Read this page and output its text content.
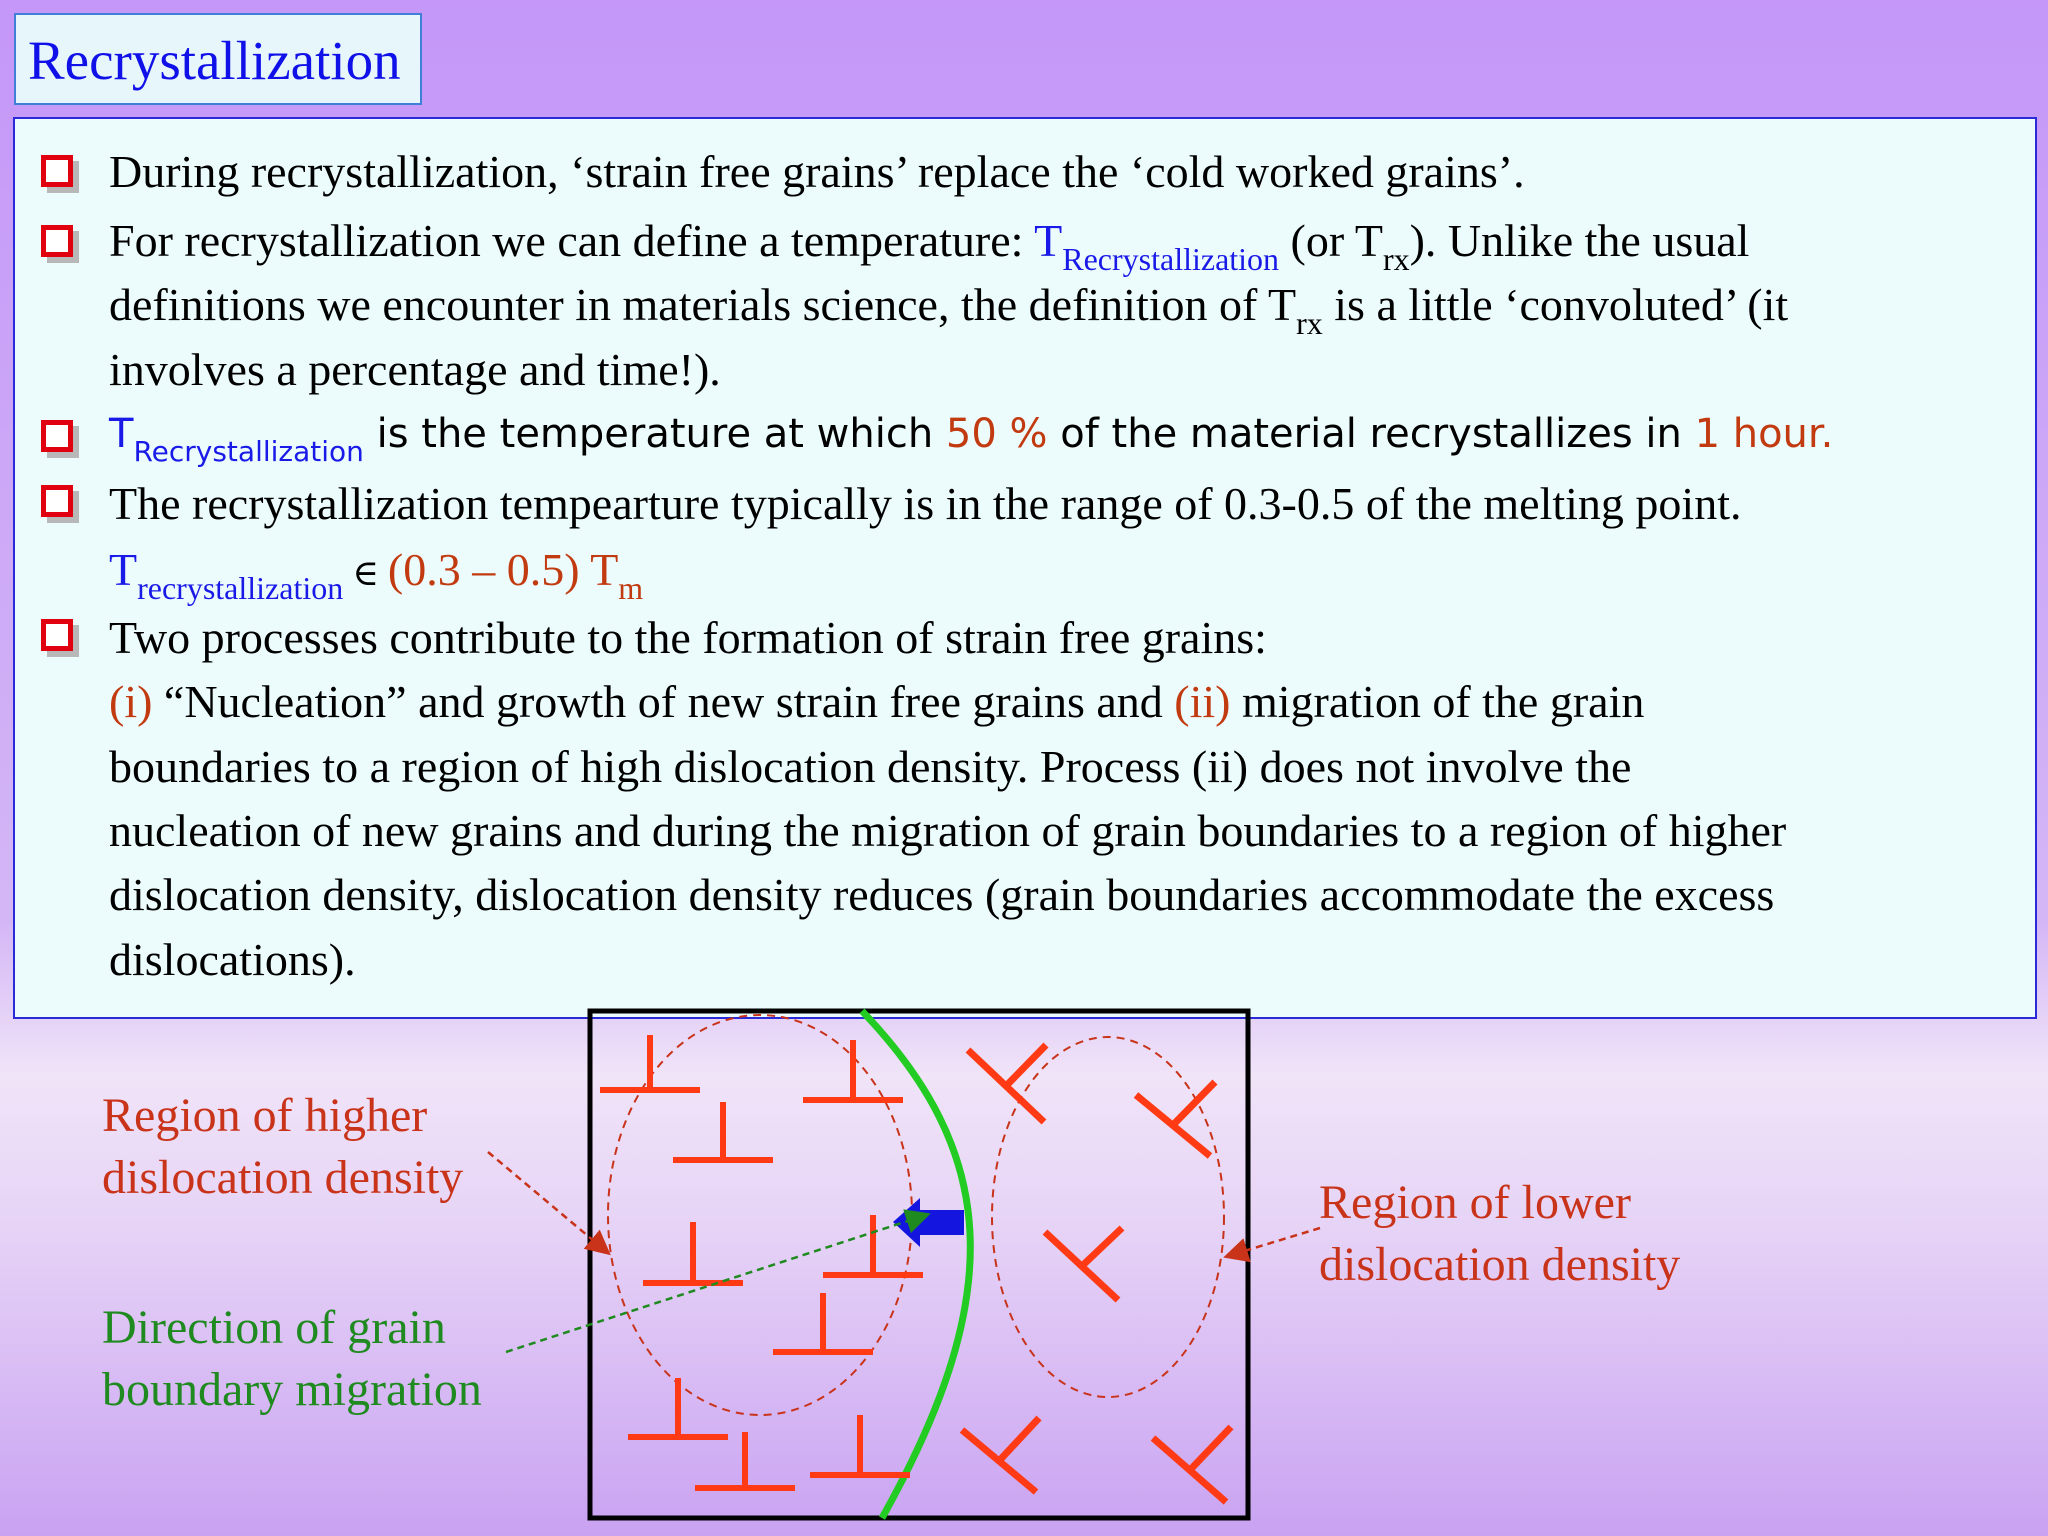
Recrystallization
During recrystallization, ‘strain free grains’ replace the ‘cold worked grains’.
For recrystallization we can define a temperature: $T_{Recrystallization}$ (or $T_{rx}$). Unlike the usual
definitions we encounter in materials science, the definition of $T_{rx}$ is a little ‘convoluted’ (it
involves a percentage and time!).
$T_{Recrystallization}$ is the temperature at which 50 % of the material recrystallizes in 1 hour.
The recrystallization tempearture typically is in the range of 0.3-0.5 of the melting point.
$T_{recrystallization}$ ∈ (0.3 – 0.5) $T_m$
Two processes contribute to the formation of strain free grains:
(i) “Nucleation” and growth of new strain free grains and (ii) migration of the grain
boundaries to a region of high dislocation density. Process (ii) does not involve the
nucleation of new grains and during the migration of grain boundaries to a region of higher
dislocation density, dislocation density reduces (grain boundaries accommodate the excess
dislocations).
Region of higher
dislocation density	Region of lower
dislocation density
Direction of grain
boundary migration
